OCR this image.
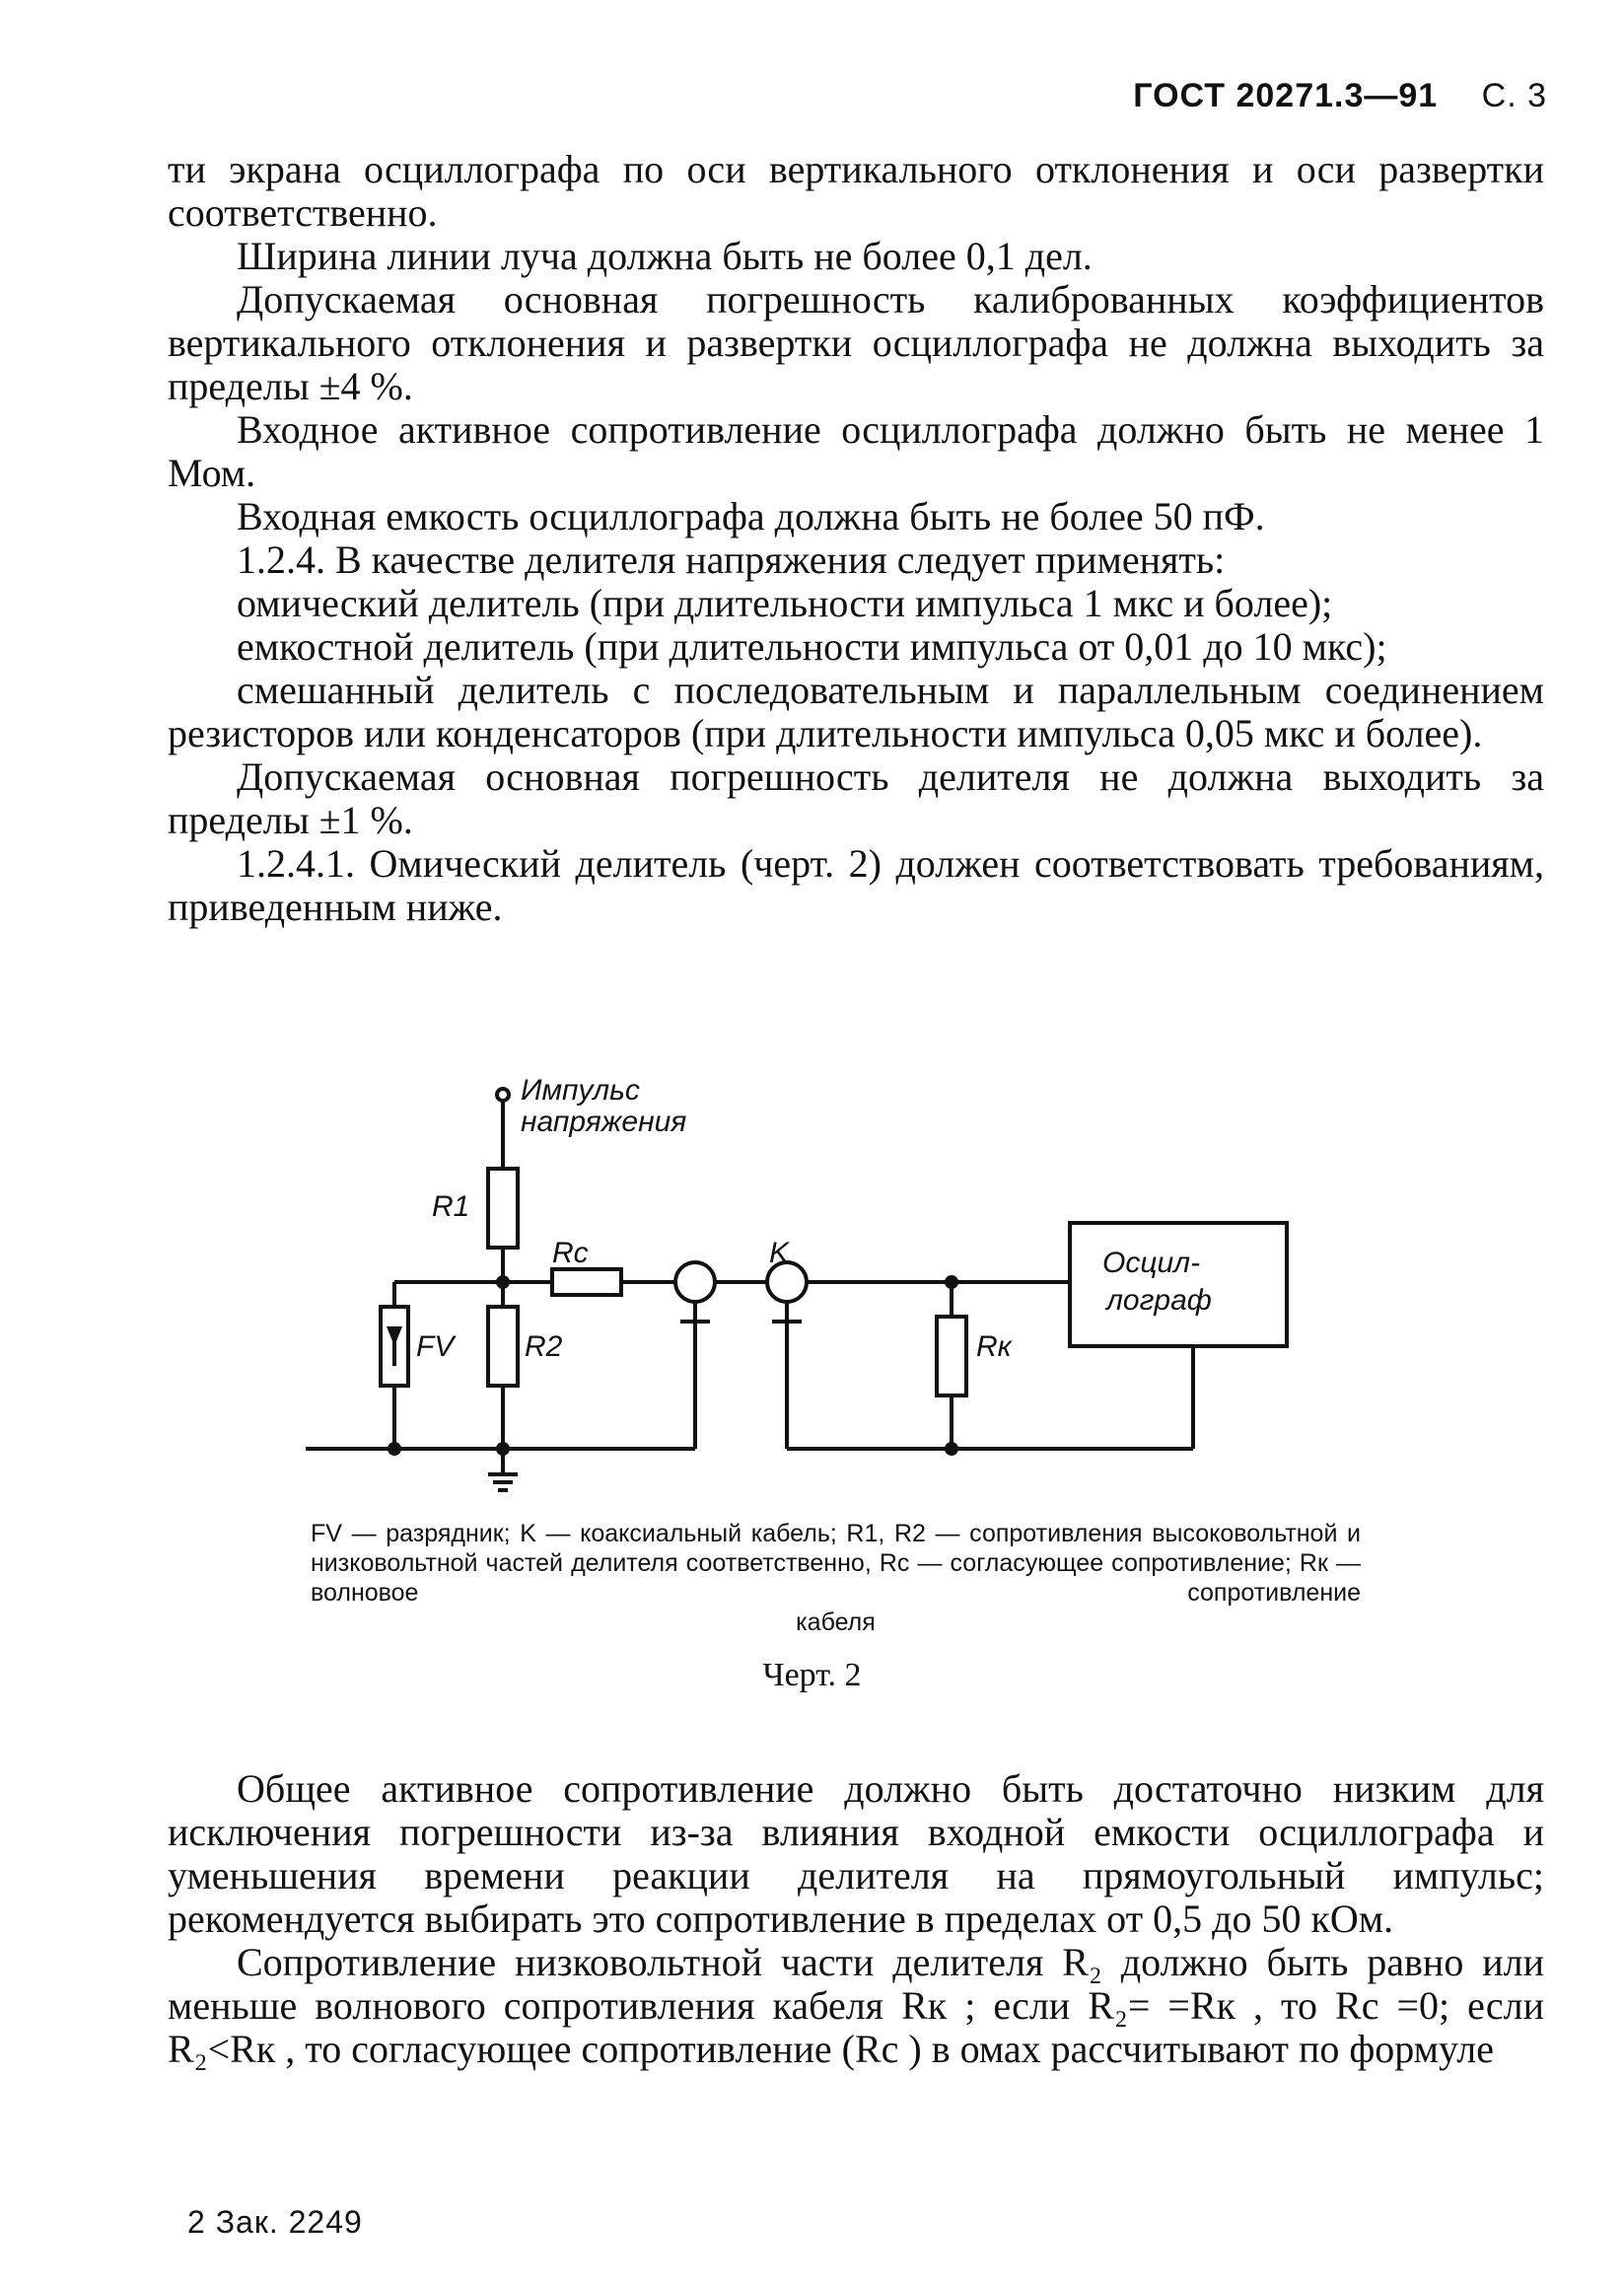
ГОСТ 20271.3—91 С. 3

ти экрана осциллографа по оси вертикального отклонения и оси развертки соответственно.

Ширина линии луча должна быть не более 0,1 дел.

Допускаемая основная погрешность калиброванных коэффициентов вертикального отклонения и развертки осциллографа не должна выходить за пределы ±4 %.

Входное активное сопротивление осциллографа должно быть не менее 1 Мом.

Входная емкость осциллографа должна быть не более 50 пФ.

1.2.4. В качестве делителя напряжения следует применять:

омический делитель (при длительности импульса 1 мкс и более);

емкостной делитель (при длительности импульса от 0,01 до 10 мкс);

смешанный делитель с последовательным и параллельным соединением резисторов или конденсаторов (при длительности импульса 0,05 мкс и более).

Допускаемая основная погрешность делителя не должна выходить за пределы ±1 %.

1.2.4.1. Омический делитель (черт. 2) должен соответствовать требованиям, приведенным ниже.

Импульс
напряжения
R1
Rc	K
FV R2	Rк
Осцил-
лограф
FV — разрядник; K — коаксиальный кабель; R1, R2 — сопротивления высоковольтной и низковольтной частей делителя соответственно, Rc — согласующее сопротивление; Rк — волновое сопротивление
кабеля
Черт. 2

Общее активное сопротивление должно быть достаточно низким для исключения погрешности из-за влияния входной емкости осциллографа и уменьшения времени реакции делителя на прямоугольный импульс; рекомендуется выбирать это сопротивление в пределах от 0,5 до 50 кОм.

Сопротивление низковольтной части делителя R₂ должно быть равно или меньше волнового сопротивления кабеля Rк ; если R₂= =Rк , то Rc =0; если R₂<Rк , то согласующее сопротивление (Rc ) в омах рассчитывают по формуле

2 Зак. 2249
